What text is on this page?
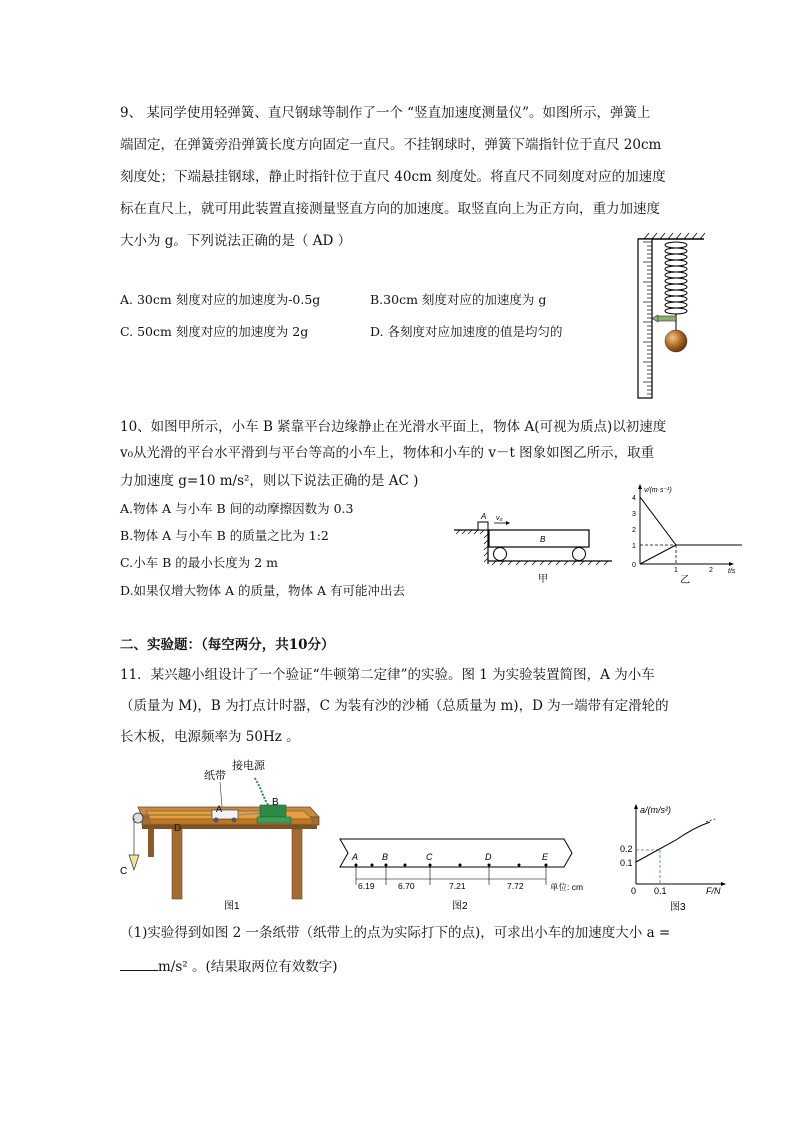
9、 某同学使用轻弹簧、直尺钢球等制作了一个 “竖直加速度测量仪”。如图所示，弹簧上
端固定，在弹簧旁沿弹簧长度方向固定一直尺。不挂钢球时，弹簧下端指针位于直尺 20cm
刻度处；下端悬挂钢球，静止时指针位于直尺 40cm 刻度处。将直尺不同刻度对应的加速度
标在直尺上，就可用此装置直接测量竖直方向的加速度。取竖直向上为正方向，重力加速度
大小为 g。下列说法正确的是（ AD ）
A. 30cm 刻度对应的加速度为-0.5g	B.30cm 刻度对应的加速度为 g
C. 50cm 刻度对应的加速度为 2g	D. 各刻度对应加速度的值是均匀的
10、如图甲所示，小车 B 紧靠平台边缘静止在光滑水平面上，物体 A(可视为质点)以初速度
v₀从光滑的平台水平滑到与平台等高的小车上，物体和小车的 v－t 图象如图乙所示，取重
力加速度 g=10 m/s²，则以下说法正确的是 AC )
A.物体 A 与小车 B 间的动摩擦因数为 0.3
B.物体 A 与小车 B 的质量之比为 1:2
C.小车 B 的最小长度为 2 m
D.如果仅增大物体 A 的质量，物体 A 有可能冲出去
A v₀
B
甲
v/(m·s⁻¹)
t/s
0
1
2
3
4
1	2
乙
二、实验题：（每空两分，共10分）
11．某兴趣小组设计了一个验证“牛顿第二定律”的实验。图 1 为实验装置简图，A 为小车
（质量为 M)，B 为打点计时器，C 为装有沙的沙桶（总质量为 m)，D 为一端带有定滑轮的
长木板，电源频率为 50Hz 。
C
D
A
B
纸带
接电源
图1
A	B	C	D	E
6.19	6.70	7.21	7.72	单位: cm
图2
a/(m/s²)
F/N
0.2
0.1
0 0.1
图3
（1)实验得到如图 2 一条纸带（纸带上的点为实际打下的点)，可求出小车的加速度大小 a =
m/s² 。(结果取两位有效数字)
